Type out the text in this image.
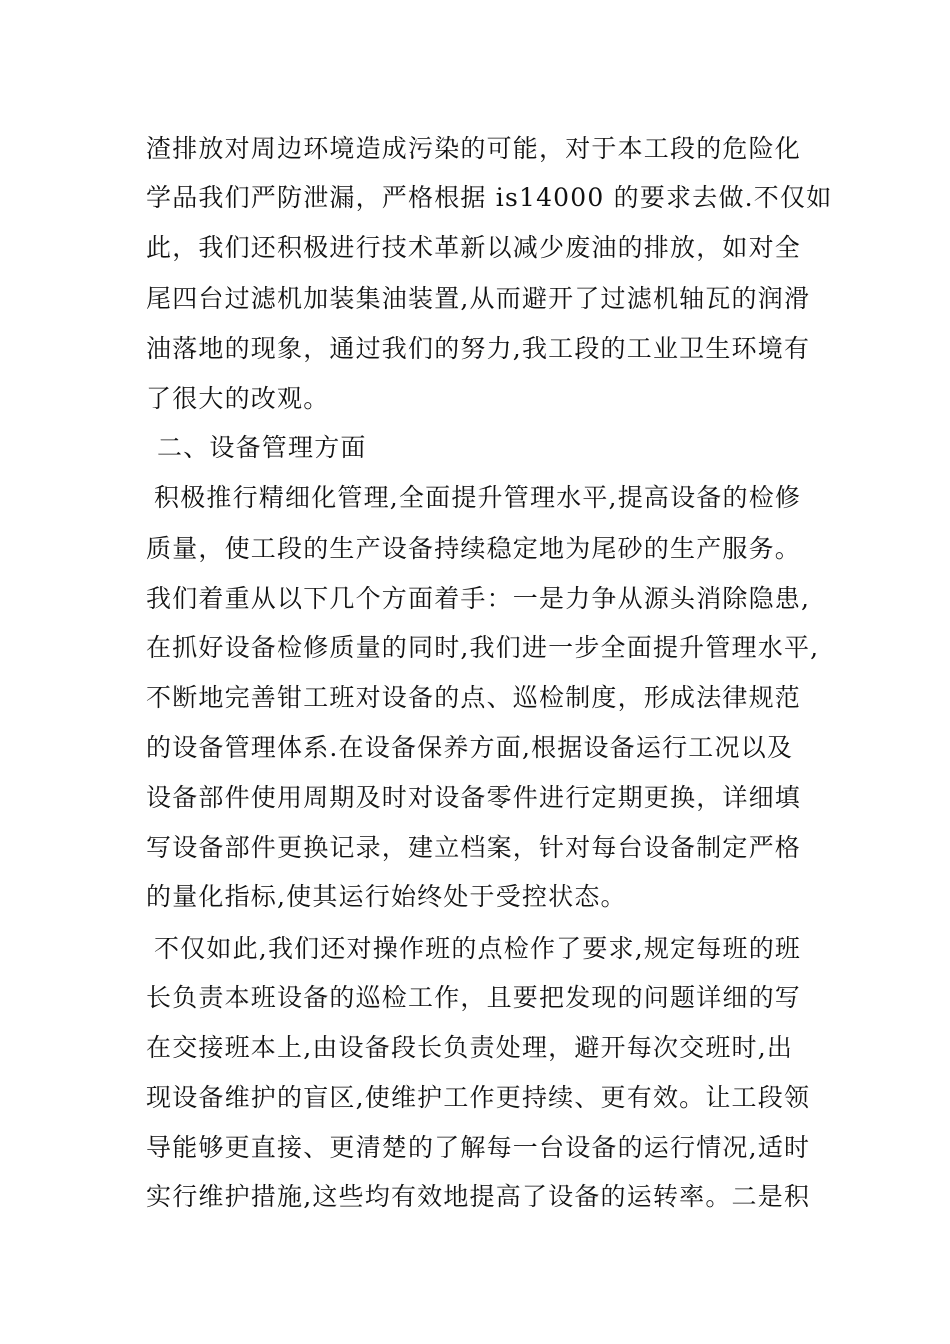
渣排放对周边环境造成污染的可能，对于本工段的危险化
学品我们严防泄漏，严格根据 is14000 的要求去做.不仅如
此，我们还积极进行技术革新以减少废油的排放，如对全
尾四台过滤机加装集油装置,从而避开了过滤机轴瓦的润滑
油落地的现象，通过我们的努力,我工段的工业卫生环境有
了很大的改观。
二、设备管理方面
积极推行精细化管理,全面提升管理水平,提高设备的检修
质量，使工段的生产设备持续稳定地为尾砂的生产服务。
我们着重从以下几个方面着手：一是力争从源头消除隐患,
在抓好设备检修质量的同时,我们进一步全面提升管理水平,
不断地完善钳工班对设备的点、巡检制度，形成法律规范
的设备管理体系.在设备保养方面,根据设备运行工况以及
设备部件使用周期及时对设备零件进行定期更换，详细填
写设备部件更换记录，建立档案，针对每台设备制定严格
的量化指标,使其运行始终处于受控状态。
不仅如此,我们还对操作班的点检作了要求,规定每班的班
长负责本班设备的巡检工作，且要把发现的问题详细的写
在交接班本上,由设备段长负责处理，避开每次交班时,出
现设备维护的盲区,使维护工作更持续、更有效。让工段领
导能够更直接、更清楚的了解每一台设备的运行情况,适时
实行维护措施,这些均有效地提高了设备的运转率。二是积
